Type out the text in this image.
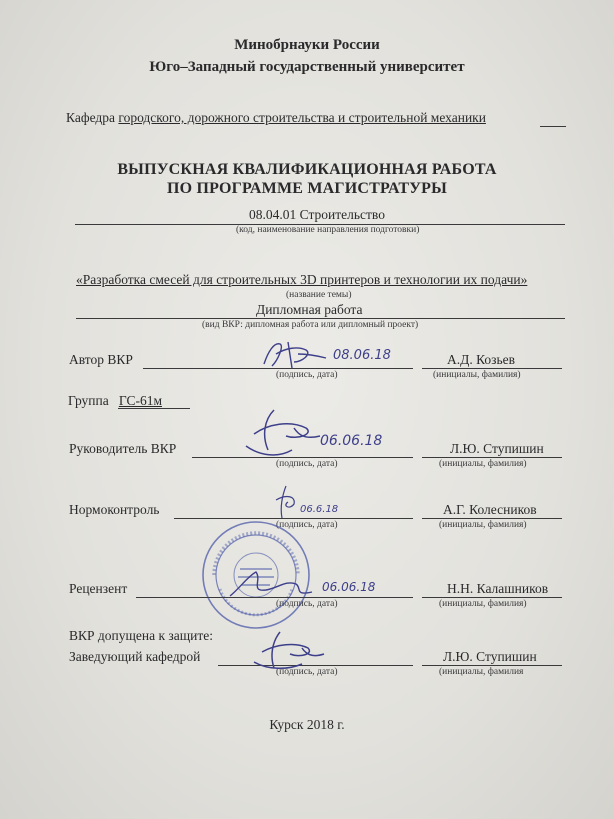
Минобрнауки России
Юго–Западный государственный университет
Кафедра городского, дорожного строительства и строительной механики
ВЫПУСКНАЯ КВАЛИФИКАЦИОННАЯ РАБОТА
ПО ПРОГРАММЕ МАГИСТРАТУРЫ
08.04.01 Строительство
(код, наименование направления подготовки)
«Разработка смесей для строительных 3D принтеров и технологии их подачи»
(название темы)
Дипломная работа
(вид ВКР: дипломная работа или дипломный проект)
Автор ВКР	А.Д. Козьев
(подпись, дата)	(инициалы, фамилия)
08.06.18
Группа ГС-61м
Руководитель ВКР	Л.Ю. Ступишин
(подпись, дата)	(инициалы, фамилия)
06.06.18
Нормоконтроль	А.Г. Колесников
(подпись, дата)	(инициалы, фамилия)
06.6.18
Рецензент	Н.Н. Калашников
(подпись, дата)	(инициалы, фамилия)
06.06.18
ВКР допущена к защите:
Заведующий кафедрой	Л.Ю. Ступишин
(подпись, дата)	(инициалы, фамилия
Курск 2018 г.
